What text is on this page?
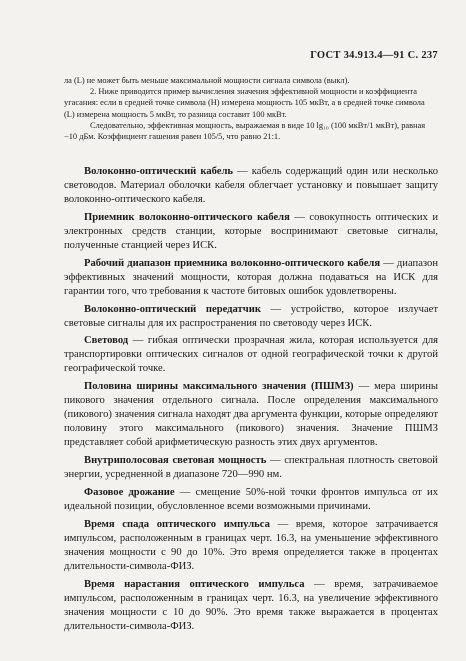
ГОСТ 34.913.4—91 С. 237

ла (L) не может быть меньше максимальной мощности сигнала символа (выкл).

2. Ниже приводится пример вычисления значения эффективной мощности и коэффициента угасания: если в средней точке символа (Н) измерена мощность 105 мкВт, а в средней точке символа (L) измерена мощность 5 мкВт, то разница составит 100 мкВт.

Следовательно, эффективная мощность, выражаемая в виде 10 lg₁₀ (100 мкВт/1 мкВт), равная −10 дБм. Коэффициент гашения равен 105/5, что равно 21:1.

Волоконно-оптический кабель — кабель содержащий один или несколько световодов. Материал оболочки кабеля облегчает установку и повышает защиту волоконно-оптического кабеля.

Приемник волоконно-оптического кабеля — совокупность оптических и электронных средств станции, которые воспринимают световые сигналы, полученные станцией через ИСК.

Рабочий диапазон приемника волоконно-оптического кабеля — диапазон эффективных значений мощности, которая должна подаваться на ИСК для гарантии того, что требования к частоте битовых ошибок удовлетворены.

Волоконно-оптический передатчик — устройство, которое излучает световые сигналы для их распространения по световоду через ИСК.

Световод — гибкая оптически прозрачная жила, которая используется для транспортировки оптических сигналов от одной географической точки к другой географической точке.

Половина ширины максимального значения (ПШМЗ) — мера ширины пикового значения отдельного сигнала. После определения максимального (пикового) значения сигнала находят два аргумента функции, которые определяют половину этого максимального (пикового) значения. Значение ПШМЗ представляет собой арифметическую разность этих двух аргументов.

Внутриполосовая световая мощность — спектральная плотность световой энергии, усредненной в диапазоне 720—990 нм.

Фазовое дрожание — смещение 50%-ной точки фронтов импульса от их идеальной позиции, обусловленное всеми возможными причинами.

Время спада оптического импульса — время, которое затрачивается импульсом, расположенным в границах черт. 16.3, на уменьшение эффективного значения мощности с 90 до 10%. Это время определяется также в процентах длительности-символа-ФИЗ.

Время нарастания оптического импульса — время, затрачиваемое импульсом, расположенным в границах черт. 16.3, на увеличение эффективного значения мощности с 10 до 90%. Это время также выражается в процентах длительности-символа-ФИЗ.
